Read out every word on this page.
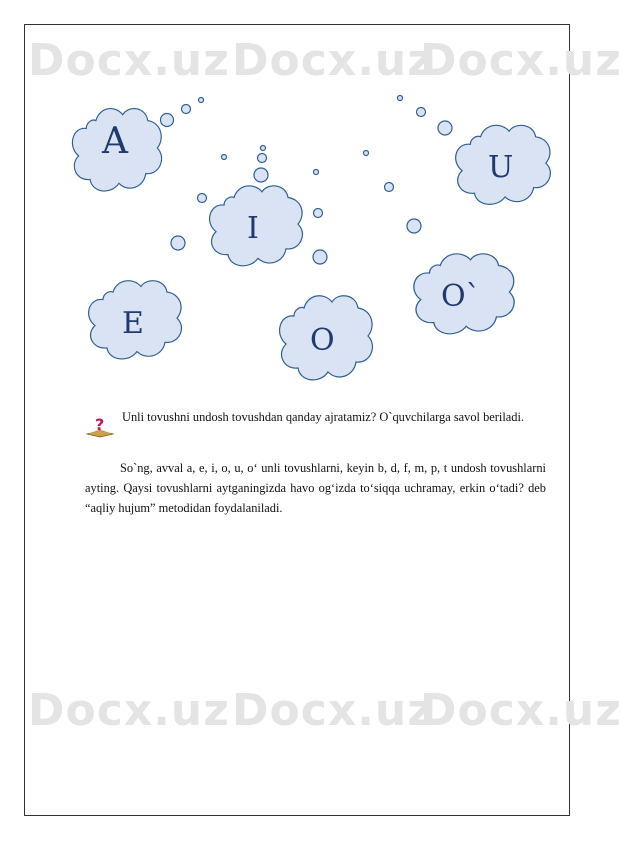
Docx.uz Docx.uz
Docx.uz
Docx.uz Docx.uz
Docx.uz
A
U
I
E	O
O`
? Unli tovushni undosh tovushdan qanday ajratamiz? O`quvchilarga savol beriladi.
So`ng, avval a, e, i, o, u, o‘ unli tovushlarni, keyin b, d, f, m, p, t undosh tovushlarni ayting. Qaysi tovushlarni aytganingizda havo og‘izda to‘siqqa uchramay, erkin o‘tadi? deb “aqliy hujum” metodidan foydalaniladi.
